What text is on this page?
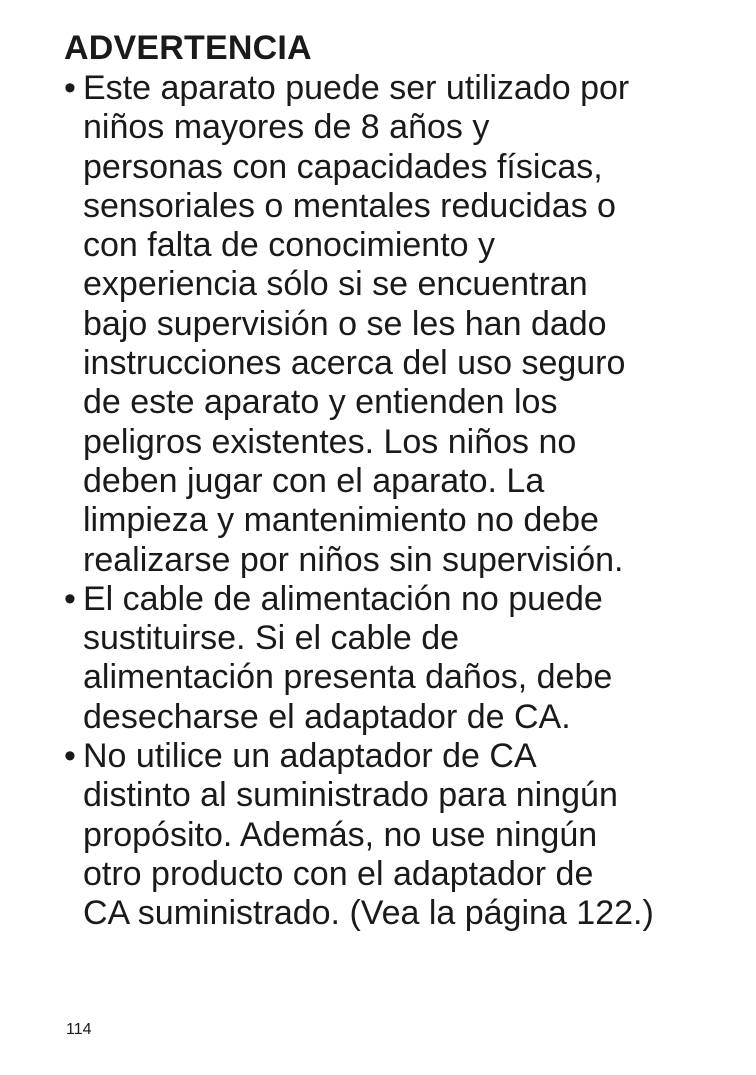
ADVERTENCIA
• Este aparato puede ser utilizado por
niños mayores de 8 años y
personas con capacidades físicas,
sensoriales o mentales reducidas o
con falta de conocimiento y
experiencia sólo si se encuentran
bajo supervisión o se les han dado
instrucciones acerca del uso seguro
de este aparato y entienden los
peligros existentes. Los niños no
deben jugar con el aparato. La
limpieza y mantenimiento no debe
realizarse por niños sin supervisión.
• El cable de alimentación no puede
sustituirse. Si el cable de
alimentación presenta daños, debe
desecharse el adaptador de CA.
• No utilice un adaptador de CA
distinto al suministrado para ningún
propósito. Además, no use ningún
otro producto con el adaptador de
CA suministrado. (Vea la página 122.)
114
